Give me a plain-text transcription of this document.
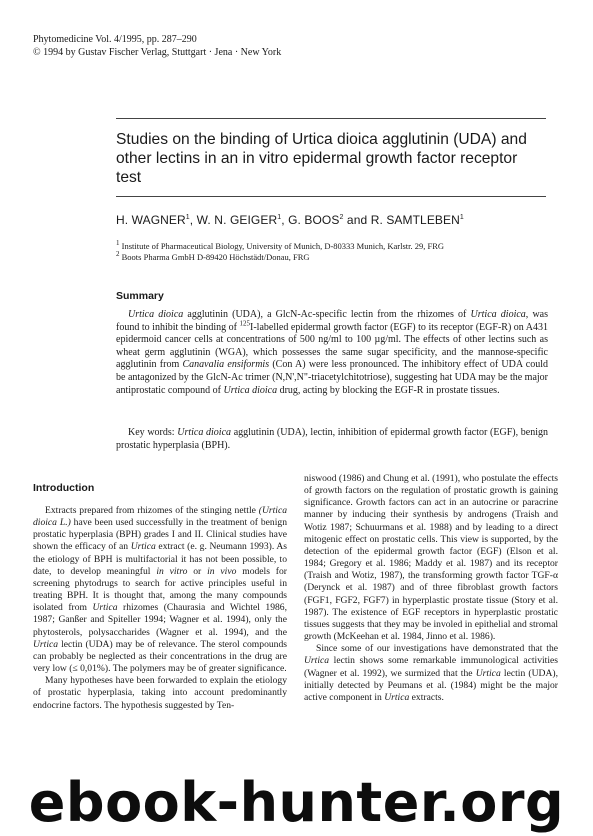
Phytomedicine Vol. 4/1995, pp. 287–290
© 1994 by Gustav Fischer Verlag, Stuttgart · Jena · New York
Studies on the binding of Urtica dioica agglutinin (UDA) and other lectins in an in vitro epidermal growth factor receptor test
H. WAGNER$^1$, W. N. GEIGER$^1$, G. BOOS$^2$ and R. SAMTLEBEN$^1$
$^1$ Institute of Pharmaceutical Biology, University of Munich, D-80333 Munich, Karlstr. 29, FRG
$^2$ Boots Pharma GmbH D-89420 Höchstädt/Donau, FRG
Summary

Urtica dioica agglutinin (UDA), a GlcN-Ac-specific lectin from the rhizomes of Urtica dioica, was found to inhibit the binding of $^{125}$I-labelled epidermal growth factor (EGF) to its receptor (EGF-R) on A431 epidermoid cancer cells at concentrations of 500 ng/ml to 100 µg/ml. The effects of other lectins such as wheat germ agglutinin (WGA), which possesses the same sugar specificity, and the mannose-specific agglutinin from Canavalia ensiformis (Con A) were less pronounced. The inhibitory effect of UDA could be antagonized by the GlcN-Ac trimer (N,N',N"-triacetylchitotriose), suggesting hat UDA may be the major antiprostatic compound of Urtica dioica drug, acting by blocking the EGF-R in prostate tissues.

Key words: Urtica dioica agglutinin (UDA), lectin, inhibition of epidermal growth factor (EGF), benign prostatic hyperplasia (BPH).

Introduction

Extracts prepared from rhizomes of the stinging nettle (Urtica dioica L.) have been used successfully in the treatment of benign prostatic hyperplasia (BPH) grades I and II. Clinical studies have shown the efficacy of an Urtica extract (e. g. Neumann 1993). As the etiology of BPH is multifactorial it has not been possible, to date, to develop meaningful in vitro or in vivo models for screening phytodrugs to search for active principles useful in treating BPH. It is thought that, among the many compounds isolated from Urtica rhizomes (Chaurasia and Wichtel 1986, 1987; Ganßer and Spiteller 1994; Wagner et al. 1994), only the phytosterols, polysaccharides (Wagner et al. 1994), and the Urtica lectin (UDA) may be of relevance. The sterol compounds can probably be neglected as their concentrations in the drug are very low (≤ 0,01%). The polymers may be of greater significance.

Many hypotheses have been forwarded to explain the etiology of prostatic hyperplasia, taking into account predominantly endocrine factors. The hypothesis suggested by Ten-

niswood (1986) and Chung et al. (1991), who postulate the effects of growth factors on the regulation of prostatic growth is gaining significance. Growth factors can act in an autocrine or paracrine manner by inducing their synthesis by androgens (Traish and Wotiz 1987; Schuurmans et al. 1988) and by leading to a direct mitogenic effect on prostatic cells. This view is supported, by the detection of the epidermal growth factor (EGF) (Elson et al. 1984; Gregory et al. 1986; Maddy et al. 1987) and its receptor (Traish and Wotiz, 1987), the transforming growth factor TGF-α (Derynck et al. 1987) and of three fibroblast growth factors (FGF1, FGF2, FGF7) in hyperplastic prostate tissue (Story et al. 1987). The existence of EGF receptors in hyperplastic prostatic tissues suggests that they may be involed in epithelial and stromal growth (McKeehan et al. 1984, Jinno et al. 1986).

Since some of our investigations have demonstrated that the Urtica lectin shows some remarkable immunological activities (Wagner et al. 1992), we surmized that the Urtica lectin (UDA), initially detected by Peumans et al. (1984) might be the major active component in Urtica extracts.

ebook-hunter.org
